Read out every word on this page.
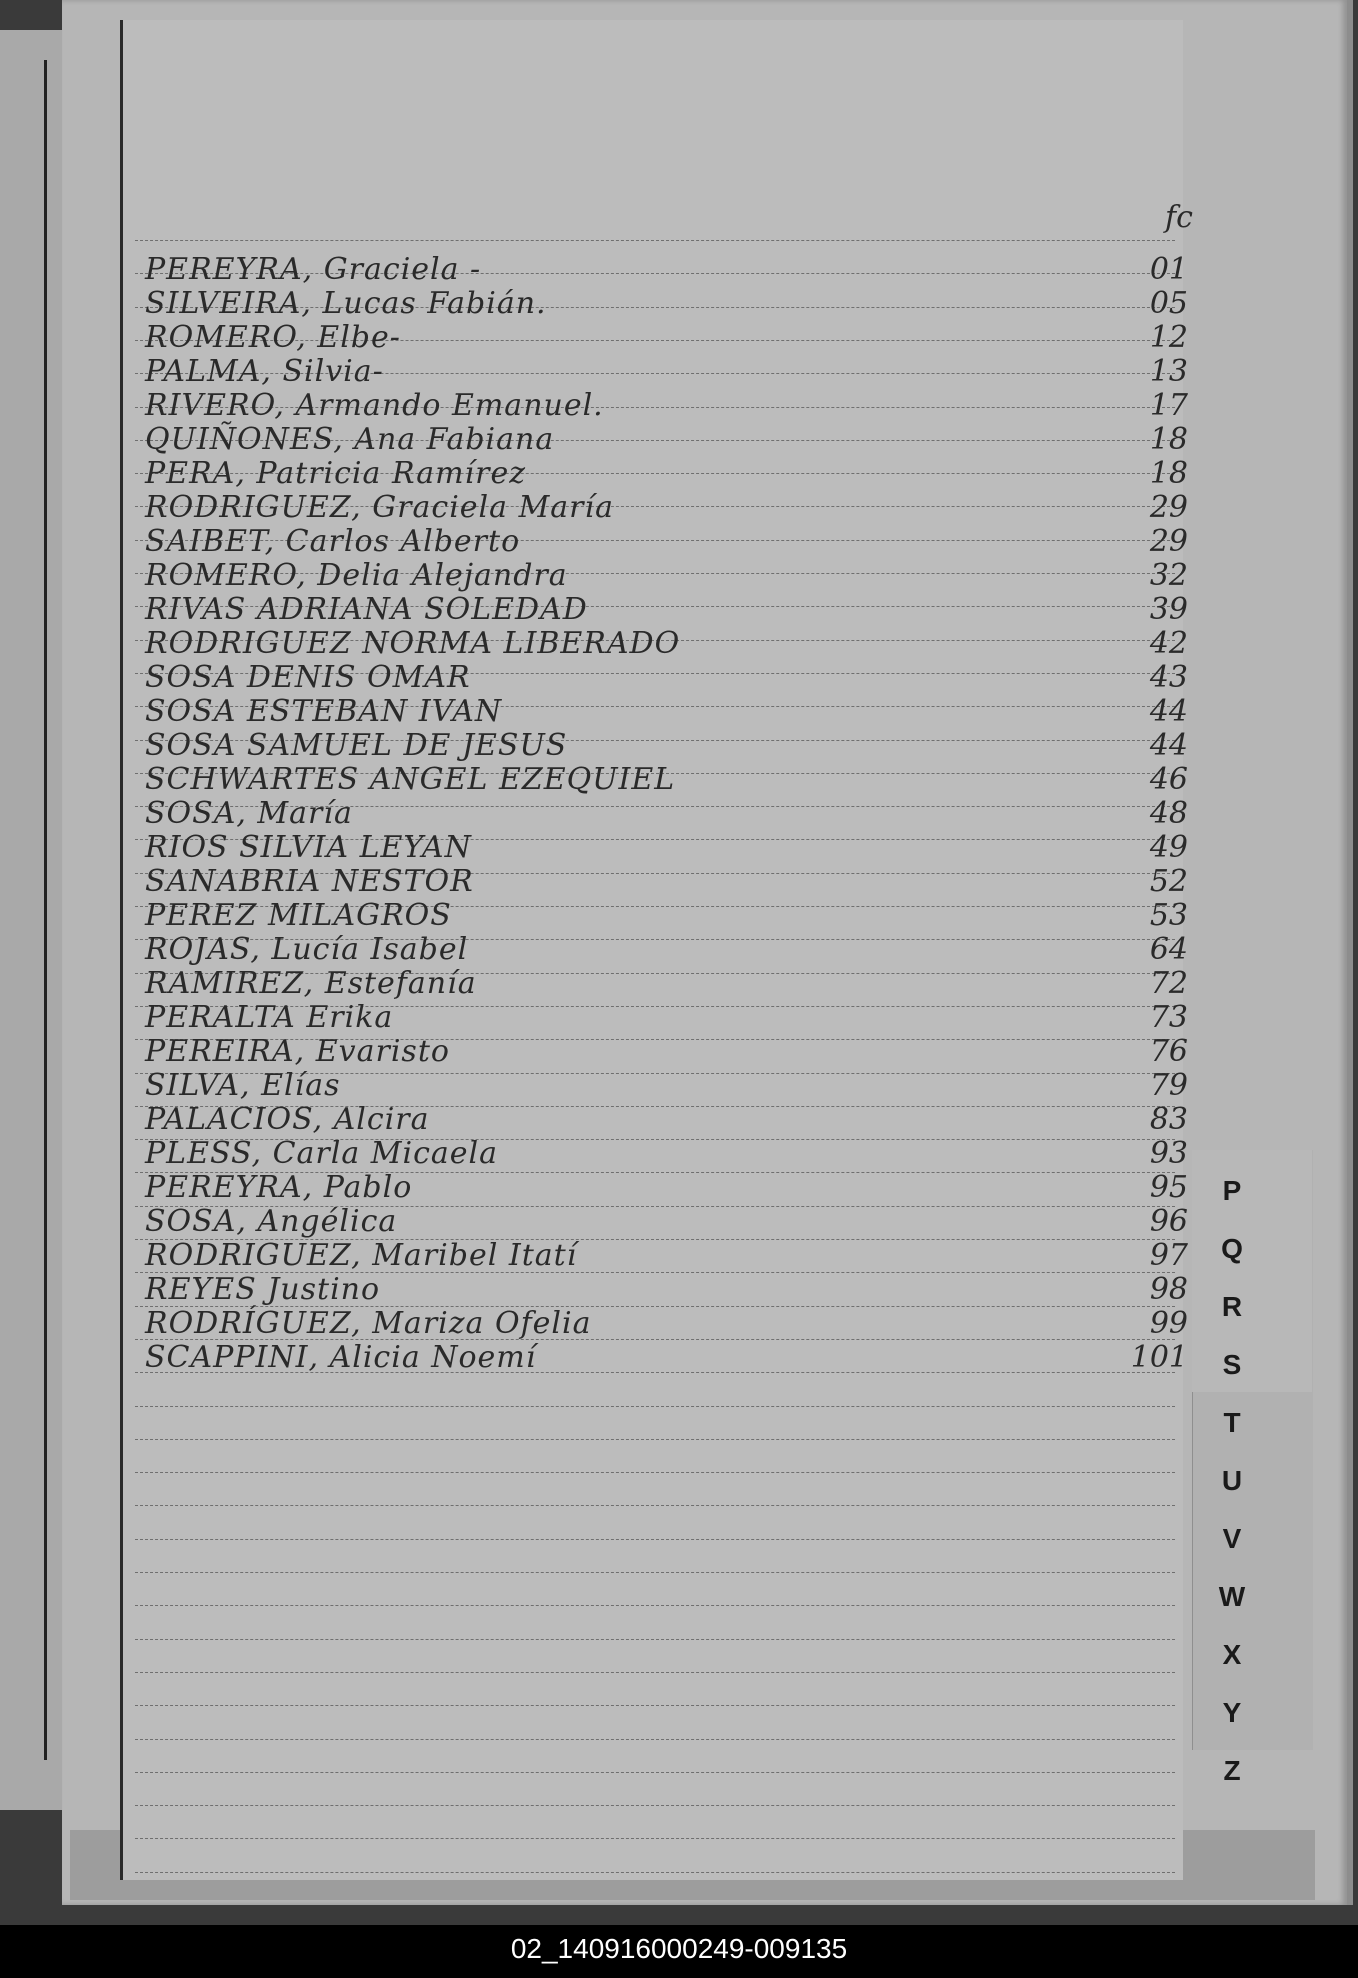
fc
PEREYRA, Graciela -	01
SILVEIRA, Lucas Fabián.	05
ROMERO, Elbe-	12
PALMA, Silvia-	13
RIVERO, Armando Emanuel.	17
QUIÑONES, Ana Fabiana	18
PERA, Patricia Ramírez	18
RODRIGUEZ, Graciela María	29
SAIBET, Carlos Alberto	29
ROMERO, Delia Alejandra	32
RIVAS ADRIANA SOLEDAD	39
RODRIGUEZ NORMA LIBERADO	42
SOSA DENIS OMAR	43
SOSA ESTEBAN IVAN	44
SOSA SAMUEL DE JESUS	44
SCHWARTES ANGEL EZEQUIEL	46
SOSA, María	48
RIOS SILVIA LEYAN	49
SANABRIA NESTOR	52
PEREZ MILAGROS	53
ROJAS, Lucía Isabel	64
RAMIREZ, Estefanía	72
PERALTA Erika	73
PEREIRA, Evaristo	76
SILVA, Elías	79
PALACIOS, Alcira	83
PLESS, Carla Micaela	93
PEREYRA, Pablo	95
SOSA, Angélica	96
RODRIGUEZ, Maribel Itatí	97
REYES Justino	98
RODRÍGUEZ, Mariza Ofelia	99
SCAPPINI, Alicia Noemí	101
P
Q
R
S
T
U
V
W
X
Y
Z
02_140916000249-009135
